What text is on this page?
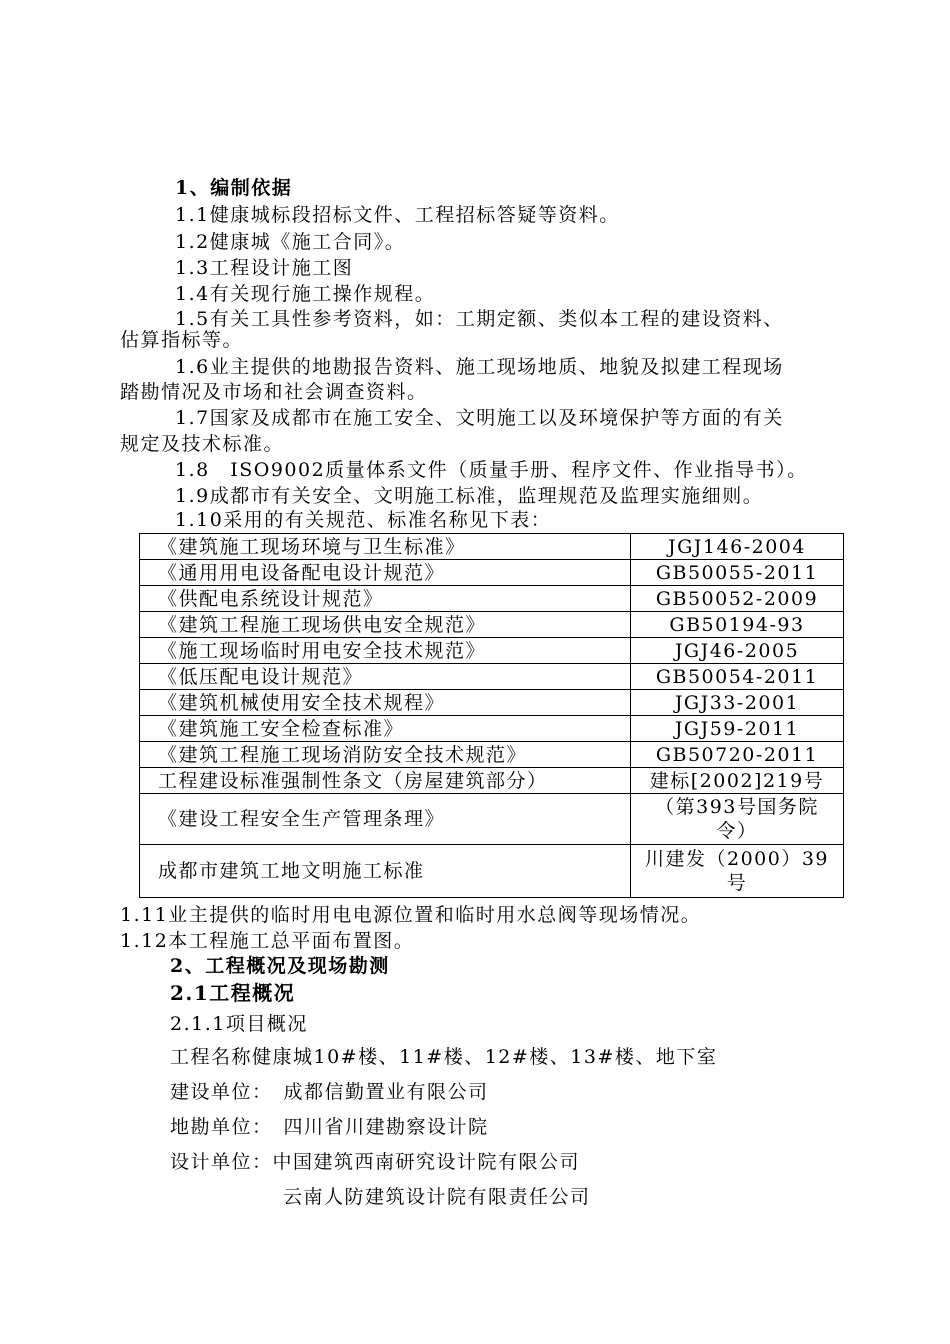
1、编制依据
1.1健康城标段招标文件、工程招标答疑等资料。
1.2健康城《施工合同》。
1.3工程设计施工图
1.4有关现行施工操作规程。
1.5有关工具性参考资料，如：工期定额、类似本工程的建设资料、
估算指标等。
1.6业主提供的地勘报告资料、施工现场地质、地貌及拟建工程现场
踏勘情况及市场和社会调查资料。
1.7国家及成都市在施工安全、文明施工以及环境保护等方面的有关
规定及技术标准。
1.8　ISO9002质量体系文件（质量手册、程序文件、作业指导书）。
1.9成都市有关安全、文明施工标准，监理规范及监理实施细则。
1.10采用的有关规范、标准名称见下表：
《建筑施工现场环境与卫生标准》	JGJ146-2004
《通用用电设备配电设计规范》	GB50055-2011
《供配电系统设计规范》	GB50052-2009
《建筑工程施工现场供电安全规范》	GB50194-93
《施工现场临时用电安全技术规范》	JGJ46-2005
《低压配电设计规范》	GB50054-2011
《建筑机械使用安全技术规程》	JGJ33-2001
《建筑施工安全检查标准》	JGJ59-2011
《建筑工程施工现场消防安全技术规范》	GB50720-2011
工程建设标准强制性条文（房屋建筑部分）	建标[2002]219号
《建设工程安全生产管理条理》	（第393号国务院
令）

成都市建筑工地文明施工标准	川建发（2000）39
号
1.11业主提供的临时用电电源位置和临时用水总阀等现场情况。
1.12本工程施工总平面布置图。
2、工程概况及现场勘测
2.1工程概况
2.1.1项目概况
工程名称健康城10#楼、11#楼、12#楼、13#楼、地下室
建设单位：　成都信勤置业有限公司
地勘单位：　四川省川建勘察设计院
设计单位：中国建筑西南研究设计院有限公司
云南人防建筑设计院有限责任公司
